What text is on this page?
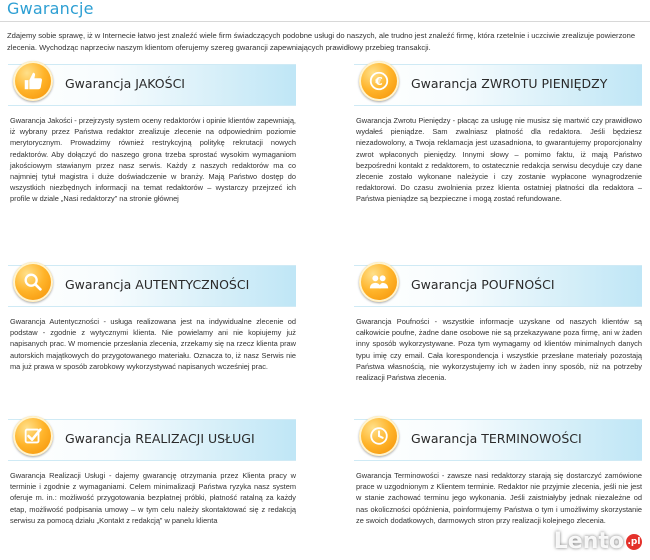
Gwarancje
Zdajemy sobie sprawę, iż w Internecie łatwo jest znaleźć wiele firm świadczących podobne usługi do naszych, ale trudno jest znaleźć firmę, która rzetelnie i uczciwie zrealizuje powierzone zlecenia. Wychodząc naprzeciw naszym klientom oferujemy szereg gwarancji zapewniających prawidłowy przebieg transakcji.
Gwarancja JAKOŚCI
Gwarancja Jakości - przejrzysty system oceny redaktorów i opinie klientów zapewniają, iż wybrany przez Państwa redaktor zrealizuje zlecenie na odpowiednim poziomie merytorycznym. Prowadzimy również restrykcyjną politykę rekrutacji nowych redaktorów. Aby dołączyć do naszego grona trzeba sprostać wysokim wymaganiom jakościowym stawianym przez nasz serwis. Każdy z naszych redaktorów ma co najmniej tytuł magistra i duże doświadczenie w branży. Mają Państwo dostęp do wszystkich niezbędnych informacji na temat redaktorów – wystarczy przejrzeć ich profile w dziale „Nasi redaktorzy” na stronie głównej
€ Gwarancja ZWROTU PIENIĘDZY
Gwarancja Zwrotu Pieniędzy - płacąc za usługę nie musisz się martwić czy prawidłowo wydałeś pieniądze. Sam zwalniasz płatność dla redaktora. Jeśli będziesz niezadowolony, a Twoja reklamacja jest uzasadniona, to gwarantujemy proporcjonalny zwrot wpłaconych pieniędzy. Innymi słowy – pomimo faktu, iż mają Państwo bezpośredni kontakt z redaktorem, to ostatecznie redakcja serwisu decyduje czy dane zlecenie zostało wykonane należycie i czy zostanie wypłacone wynagrodzenie redaktorowi. Do czasu zwolnienia przez klienta ostatniej płatności dla redaktora – Państwa pieniądze są bezpieczne i mogą zostać refundowane.
Gwarancja AUTENTYCZNOŚCI
Gwarancja Autentyczności - usługa realizowana jest na indywidualne zlecenie od podstaw - zgodnie z wytycznymi klienta. Nie powielamy ani nie kopiujemy już napisanych prac. W momencie przesłania zlecenia, zrzekamy się na rzecz klienta praw autorskich majątkowych do przygotowanego materiału. Oznacza to, iż nasz Serwis nie ma już prawa w sposób zarobkowy wykorzystywać napisanych wcześniej prac.
Gwarancja POUFNOŚCI
Gwarancja Poufności - wszystkie informacje uzyskane od naszych klientów są całkowicie poufne, żadne dane osobowe nie są przekazywane poza firmę, ani w żaden inny sposób wykorzystywane. Poza tym wymagamy od klientów minimalnych danych typu imię czy email. Cała korespondencja i wszystkie przesłane materiały pozostają Państwa własnością, nie wykorzystujemy ich w żaden inny sposób, niż na potrzeby realizacji Państwa zlecenia.
Gwarancja REALIZACJI USŁUGI
Gwarancja Realizacji Usługi - dajemy gwarancję otrzymania przez Klienta pracy w terminie i zgodnie z wymaganiami. Celem minimalizacji Państwa ryzyka nasz system oferuje m. in.: możliwość przygotowania bezpłatnej próbki, płatność ratalną za każdy etap, możliwość podpisania umowy – w tym celu należy skontaktować się z redakcją serwisu za pomocą działu „Kontakt z redakcją” w panelu klienta
Gwarancja TERMINOWOŚCI
Gwarancja Terminowości - zawsze nasi redaktorzy starają się dostarczyć zamówione prace w uzgodnionym z Klientem terminie. Redaktor nie przyjmie zlecenia, jeśli nie jest w stanie zachować terminu jego wykonania. Jeśli zaistniałyby jednak niezależne od nas okoliczności opóźnienia, poinformujemy Państwa o tym i umożliwimy skorzystanie ze swoich dodatkowych, darmowych stron przy realizacji kolejnego zlecenia.
Lento .pl
